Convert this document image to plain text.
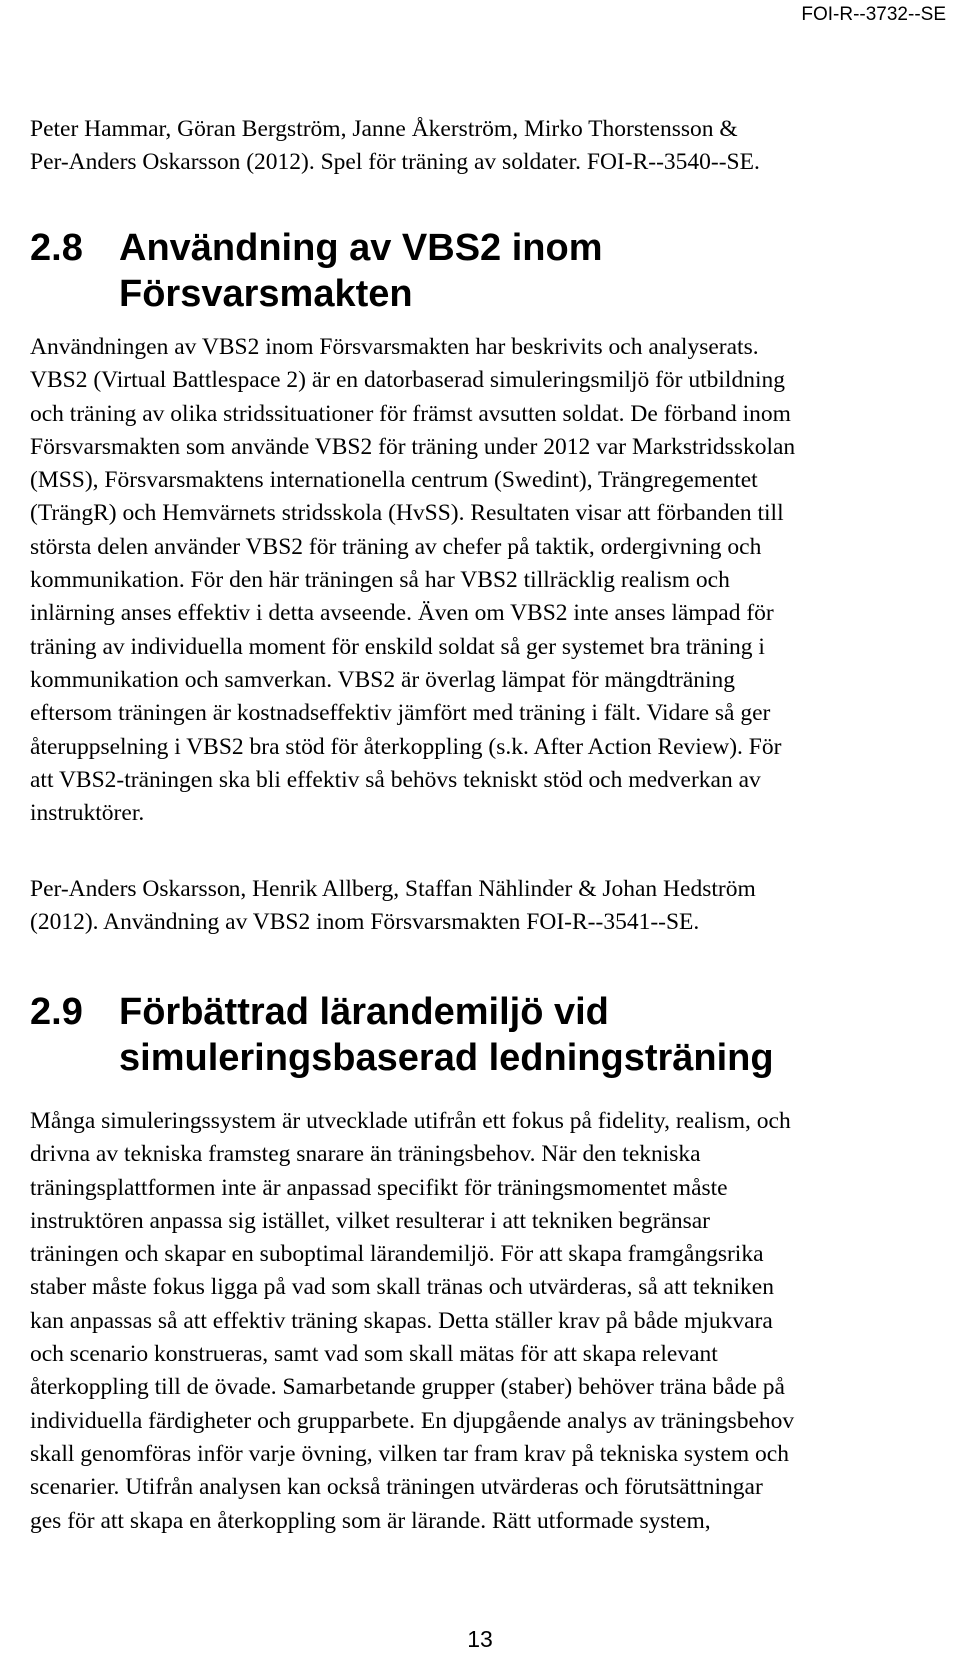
FOI-R--3732--SE

Peter Hammar, Göran Bergström, Janne Åkerström, Mirko Thorstensson &
Per-Anders Oskarsson (2012). Spel för träning av soldater. FOI-R--3540--SE.

2.8 Användning av VBS2 inom
Försvarsmakten

Användningen av VBS2 inom Försvarsmakten har beskrivits och analyserats.
VBS2 (Virtual Battlespace 2) är en datorbaserad simuleringsmiljö för utbildning
och träning av olika stridssituationer för främst avsutten soldat. De förband inom
Försvarsmakten som använde VBS2 för träning under 2012 var Markstridsskolan
(MSS), Försvarsmaktens internationella centrum (Swedint), Trängregementet
(TrängR) och Hemvärnets stridsskola (HvSS). Resultaten visar att förbanden till
största delen använder VBS2 för träning av chefer på taktik, ordergivning och
kommunikation. För den här träningen så har VBS2 tillräcklig realism och
inlärning anses effektiv i detta avseende. Även om VBS2 inte anses lämpad för
träning av individuella moment för enskild soldat så ger systemet bra träning i
kommunikation och samverkan. VBS2 är överlag lämpat för mängdträning
eftersom träningen är kostnadseffektiv jämfört med träning i fält. Vidare så ger
återuppselning i VBS2 bra stöd för återkoppling (s.k. After Action Review). För
att VBS2-träningen ska bli effektiv så behövs tekniskt stöd och medverkan av
instruktörer.

Per-Anders Oskarsson, Henrik Allberg, Staffan Nählinder & Johan Hedström
(2012). Användning av VBS2 inom Försvarsmakten FOI-R--3541--SE.

2.9 Förbättrad lärandemiljö vid
simuleringsbaserad ledningsträning

Många simuleringssystem är utvecklade utifrån ett fokus på fidelity, realism, och
drivna av tekniska framsteg snarare än träningsbehov. När den tekniska
träningsplattformen inte är anpassad specifikt för träningsmomentet måste
instruktören anpassa sig istället, vilket resulterar i att tekniken begränsar
träningen och skapar en suboptimal lärandemiljö. För att skapa framgångsrika
staber måste fokus ligga på vad som skall tränas och utvärderas, så att tekniken
kan anpassas så att effektiv träning skapas. Detta ställer krav på både mjukvara
och scenario konstrueras, samt vad som skall mätas för att skapa relevant
återkoppling till de övade. Samarbetande grupper (staber) behöver träna både på
individuella färdigheter och grupparbete. En djupgående analys av träningsbehov
skall genomföras inför varje övning, vilken tar fram krav på tekniska system och
scenarier. Utifrån analysen kan också träningen utvärderas och förutsättningar
ges för att skapa en återkoppling som är lärande. Rätt utformade system,

13
